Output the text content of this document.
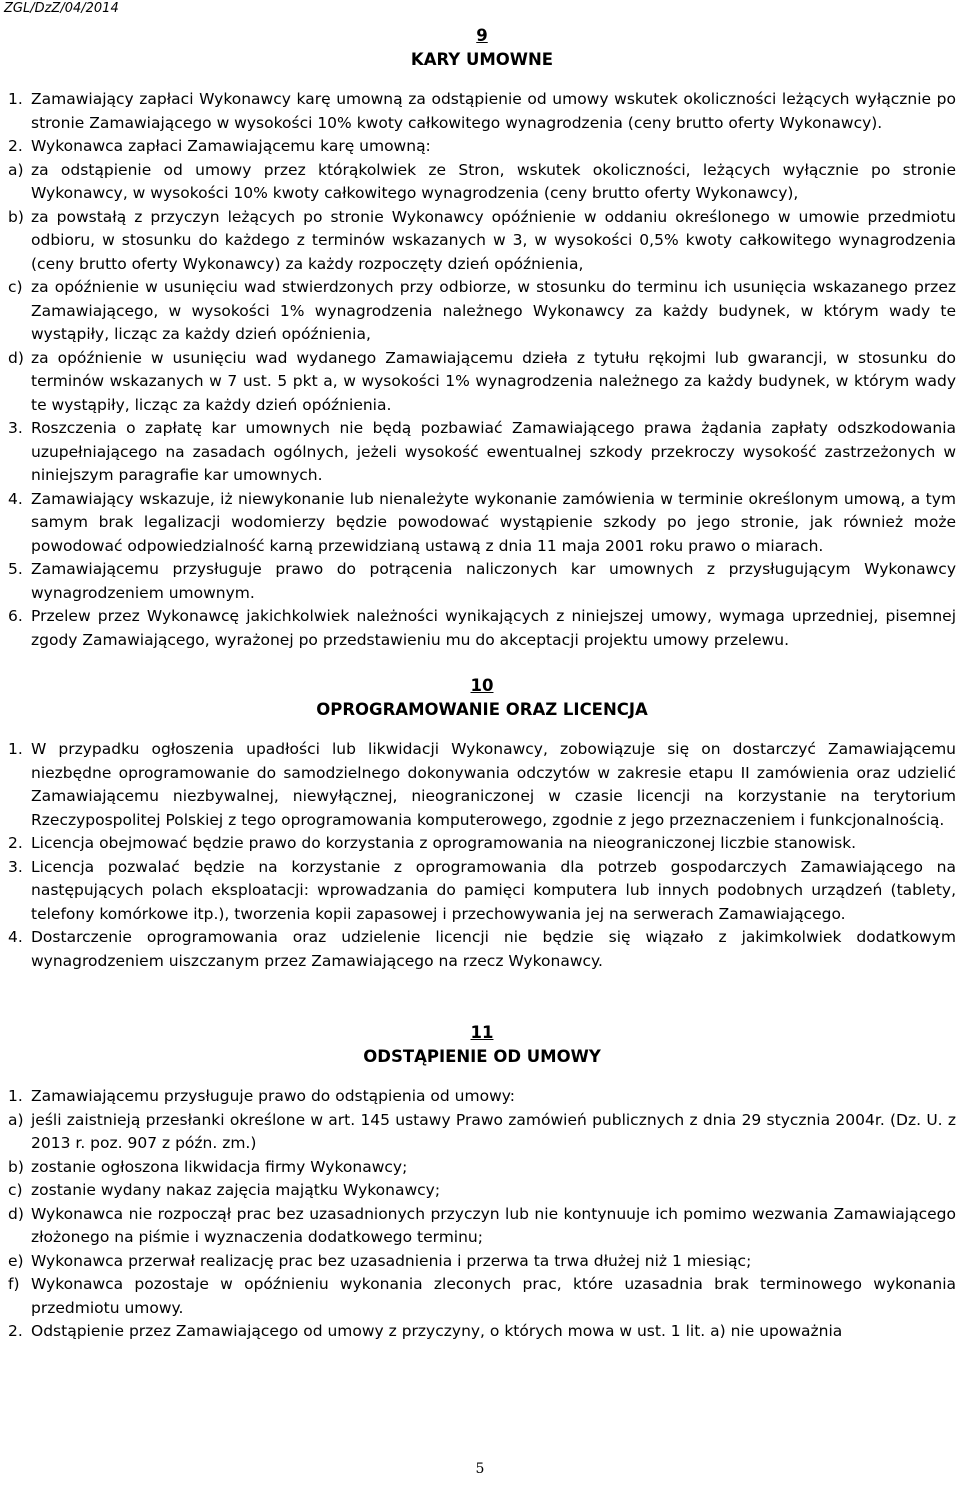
ZGL/DzZ/04/2014

9

KARY UMOWNE

1. Zamawiający zapłaci Wykonawcy karę umowną za odstąpienie od umowy wskutek okoliczności leżących wyłącznie po stronie Zamawiającego w wysokości 10% kwoty całkowitego wynagrodzenia (ceny brutto oferty Wykonawcy).
2. Wykonawca zapłaci Zamawiającemu karę umowną:
a) za odstąpienie od umowy przez którąkolwiek ze Stron, wskutek okoliczności, leżących wyłącznie po stronie Wykonawcy, w wysokości 10% kwoty całkowitego wynagrodzenia (ceny brutto oferty Wykonawcy),
b) za powstałą z przyczyn leżących po stronie Wykonawcy opóźnienie w oddaniu określonego w umowie przedmiotu odbioru, w stosunku do każdego z terminów wskazanych w 3, w wysokości 0,5% kwoty całkowitego wynagrodzenia (ceny brutto oferty Wykonawcy) za każdy rozpoczęty dzień opóźnienia,
c) za opóźnienie w usunięciu wad stwierdzonych przy odbiorze, w stosunku do terminu ich usunięcia wskazanego przez Zamawiającego, w wysokości 1% wynagrodzenia należnego Wykonawcy za każdy budynek, w którym wady te wystąpiły, licząc za każdy dzień opóźnienia,
d) za opóźnienie w usunięciu wad wydanego Zamawiającemu dzieła z tytułu rękojmi lub gwarancji, w stosunku do terminów wskazanych w 7 ust. 5 pkt a, w wysokości 1% wynagrodzenia należnego za każdy budynek, w którym wady te wystąpiły, licząc za każdy dzień opóźnienia.
3. Roszczenia o zapłatę kar umownych nie będą pozbawiać Zamawiającego prawa żądania zapłaty odszkodowania uzupełniającego na zasadach ogólnych, jeżeli wysokość ewentualnej szkody przekroczy wysokość zastrzeżonych w niniejszym paragrafie kar umownych.
4. Zamawiający wskazuje, iż niewykonanie lub nienależyte wykonanie zamówienia w terminie określonym umową, a tym samym brak legalizacji wodomierzy będzie powodować wystąpienie szkody po jego stronie, jak również może powodować odpowiedzialność karną przewidzianą ustawą z dnia 11 maja 2001 roku prawo o miarach.
5. Zamawiającemu przysługuje prawo do potrącenia naliczonych kar umownych z przysługującym Wykonawcy wynagrodzeniem umownym.
6. Przelew przez Wykonawcę jakichkolwiek należności wynikających z niniejszej umowy, wymaga uprzedniej, pisemnej zgody Zamawiającego, wyrażonej po przedstawieniu mu do akceptacji projektu umowy przelewu.

10

OPROGRAMOWANIE ORAZ LICENCJA

1. W przypadku ogłoszenia upadłości lub likwidacji Wykonawcy, zobowiązuje się on dostarczyć Zamawiającemu niezbędne oprogramowanie do samodzielnego dokonywania odczytów w zakresie etapu II zamówienia oraz udzielić Zamawiającemu niezbywalnej, niewyłącznej, nieograniczonej w czasie licencji na korzystanie na terytorium Rzeczypospolitej Polskiej z tego oprogramowania komputerowego, zgodnie z jego przeznaczeniem i funkcjonalnością.
2. Licencja obejmować będzie prawo do korzystania z oprogramowania na nieograniczonej liczbie stanowisk.
3. Licencja pozwalać będzie na korzystanie z oprogramowania dla potrzeb gospodarczych Zamawiającego na następujących polach eksploatacji: wprowadzania do pamięci komputera lub innych podobnych urządzeń (tablety, telefony komórkowe itp.), tworzenia kopii zapasowej i przechowywania jej na serwerach Zamawiającego.
4. Dostarczenie oprogramowania oraz udzielenie licencji nie będzie się wiązało z jakimkolwiek dodatkowym wynagrodzeniem uiszczanym przez Zamawiającego na rzecz Wykonawcy.

11

ODSTĄPIENIE OD UMOWY

1. Zamawiającemu przysługuje prawo do odstąpienia od umowy:
a) jeśli zaistnieją przesłanki określone w art. 145 ustawy Prawo zamówień publicznych z dnia 29 stycznia 2004r. (Dz. U. z 2013 r. poz. 907 z późn. zm.)
b) zostanie ogłoszona likwidacja firmy Wykonawcy;
c) zostanie wydany nakaz zajęcia majątku Wykonawcy;
d) Wykonawca nie rozpoczął prac bez uzasadnionych przyczyn lub nie kontynuuje ich pomimo wezwania Zamawiającego złożonego na piśmie i wyznaczenia dodatkowego terminu;
e) Wykonawca przerwał realizację prac bez uzasadnienia i przerwa ta trwa dłużej niż 1 miesiąc;
f) Wykonawca pozostaje w opóźnieniu wykonania zleconych prac, które uzasadnia brak terminowego wykonania przedmiotu umowy.
2. Odstąpienie przez Zamawiającego od umowy z przyczyny, o których mowa w ust. 1 lit. a) nie upoważnia
5
